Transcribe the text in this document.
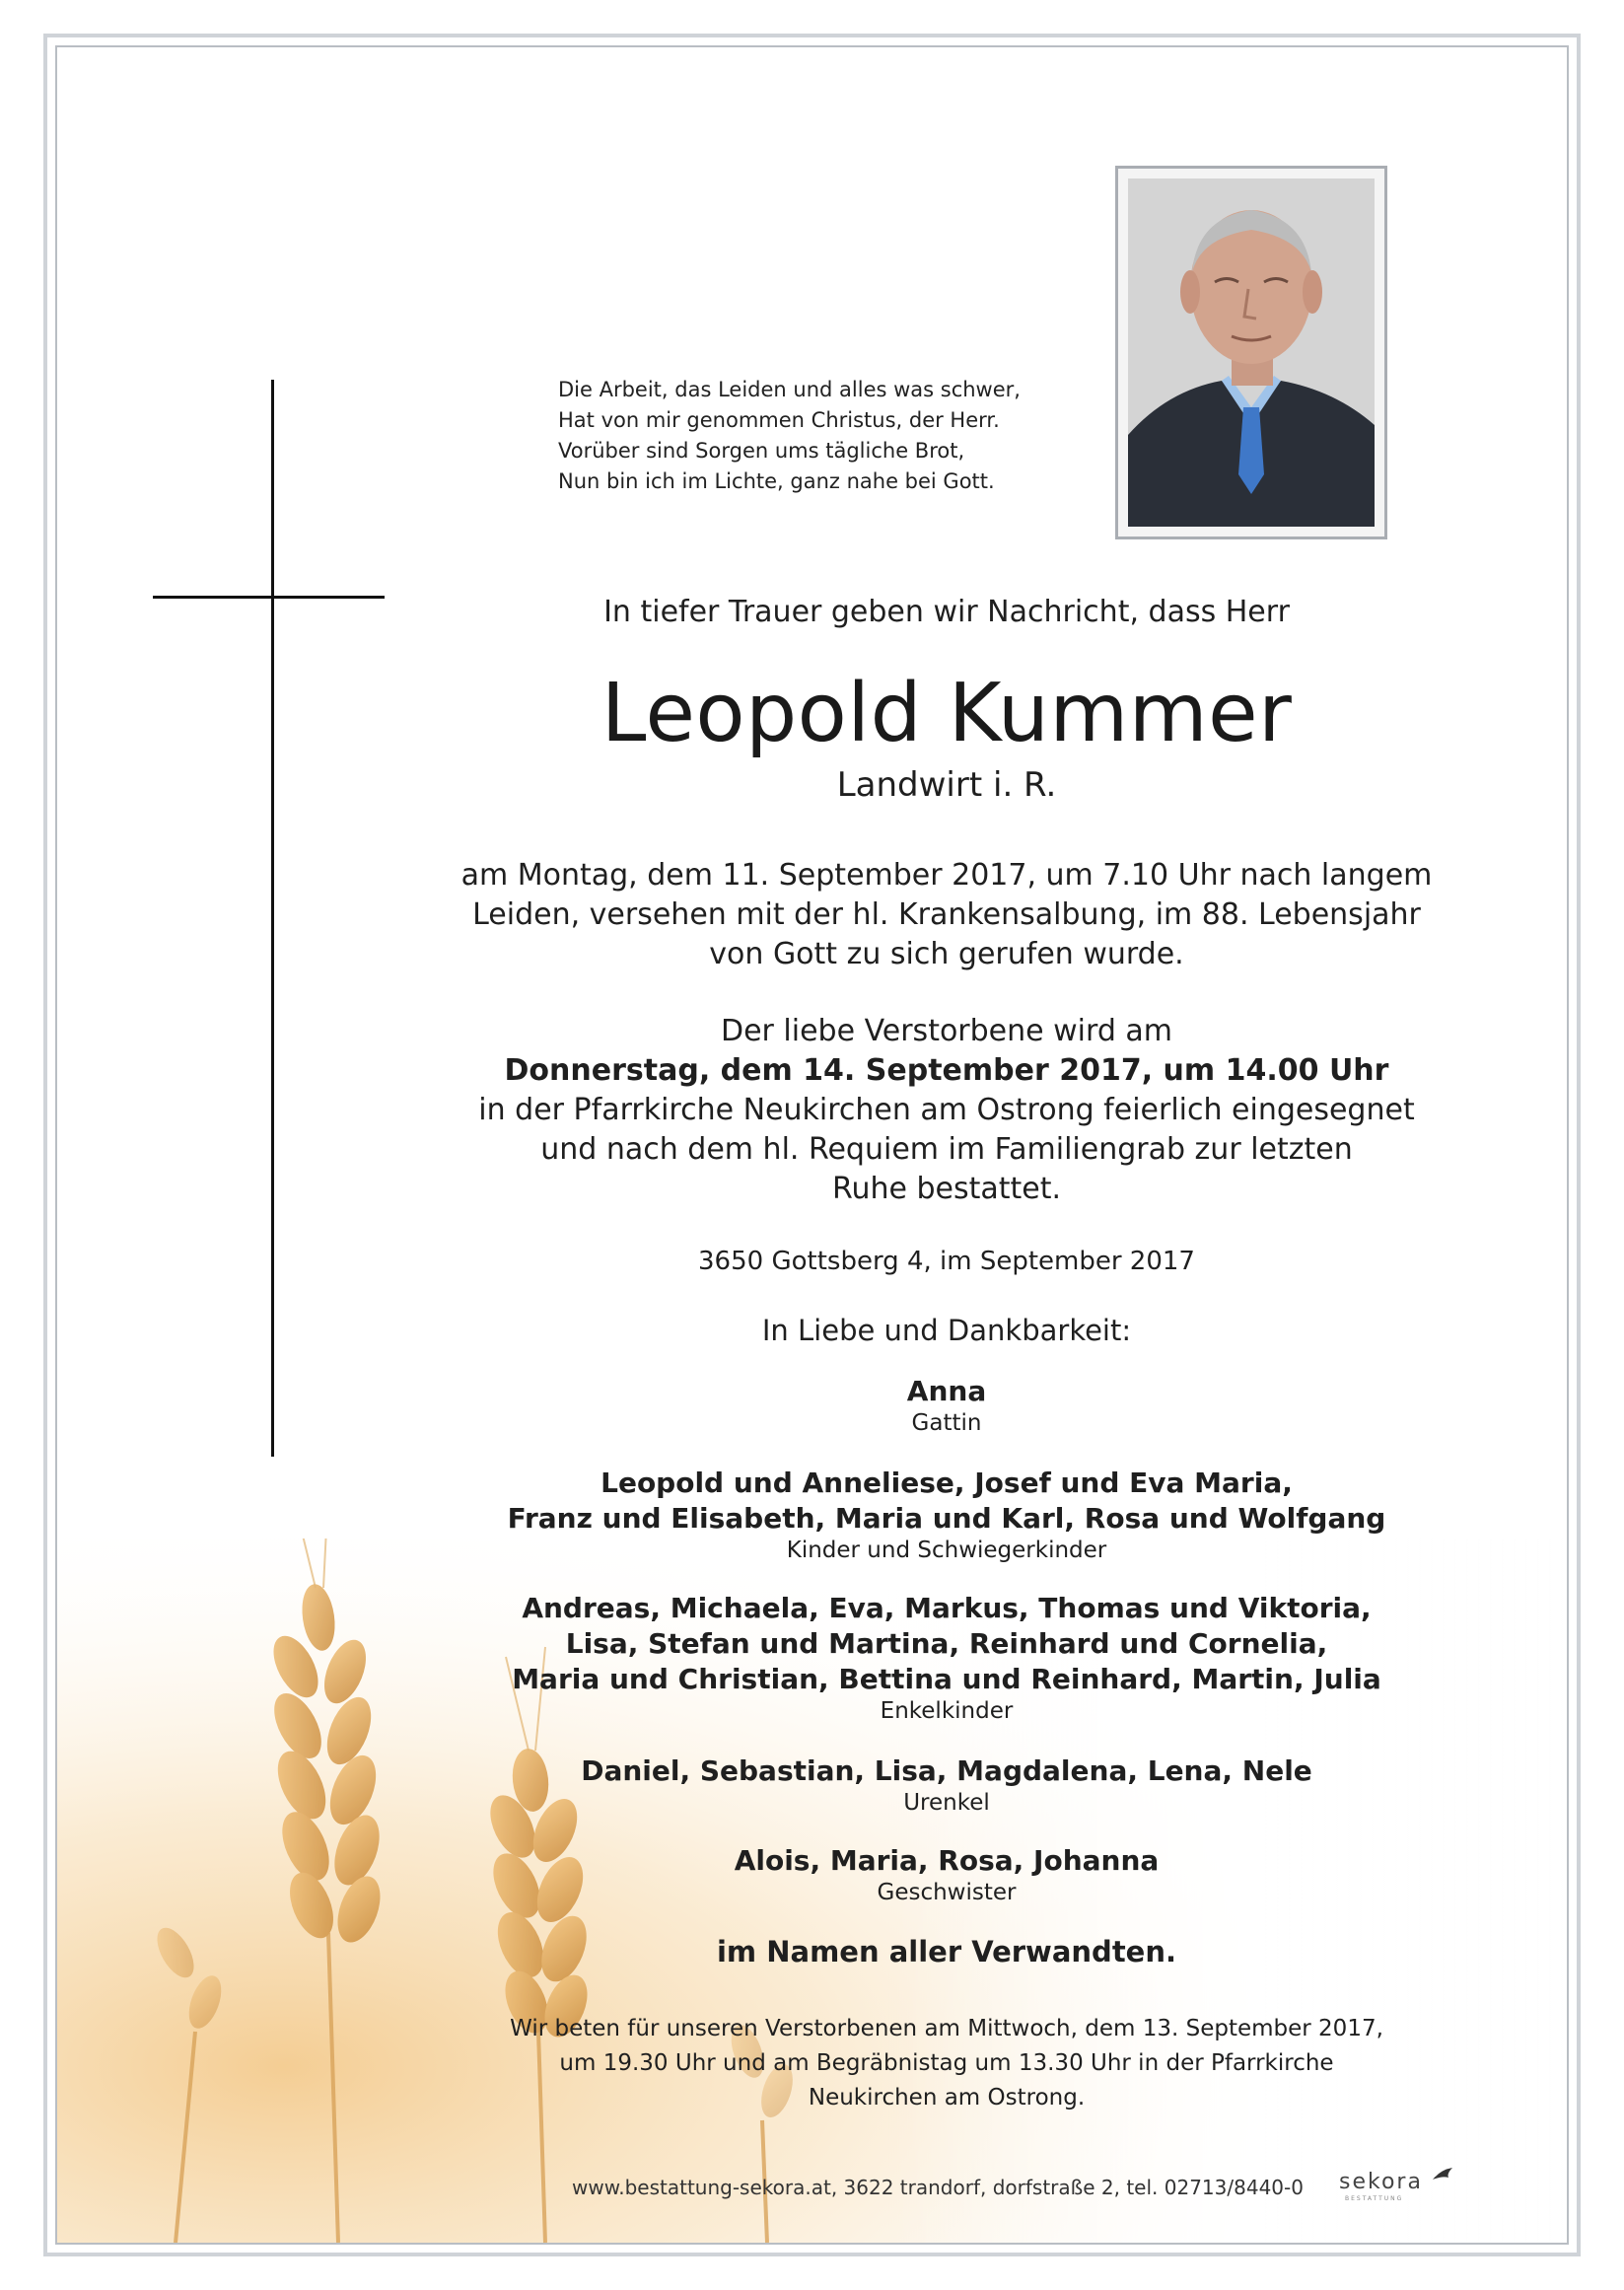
Die Arbeit, das Leiden und alles was schwer,
Hat von mir genommen Christus, der Herr.
Vorüber sind Sorgen ums tägliche Brot,
Nun bin ich im Lichte, ganz nahe bei Gott.
In tiefer Trauer geben wir Nachricht, dass Herr
Leopold Kummer
Landwirt i. R.
am Montag, dem 11. September 2017, um 7.10 Uhr nach langem
Leiden, versehen mit der hl. Krankensalbung, im 88. Lebensjahr
von Gott zu sich gerufen wurde.
Der liebe Verstorbene wird am
Donnerstag, dem 14. September 2017, um 14.00 Uhr
in der Pfarrkirche Neukirchen am Ostrong feierlich eingesegnet
und nach dem hl. Requiem im Familiengrab zur letzten
Ruhe bestattet.
3650 Gottsberg 4, im September 2017
In Liebe und Dankbarkeit:
Anna
Gattin
Leopold und Anneliese, Josef und Eva Maria,
Franz und Elisabeth, Maria und Karl, Rosa und Wolfgang
Kinder und Schwiegerkinder
Andreas, Michaela, Eva, Markus, Thomas und Viktoria,
Lisa, Stefan und Martina, Reinhard und Cornelia,
Maria und Christian, Bettina und Reinhard, Martin, Julia
Enkelkinder
Daniel, Sebastian, Lisa, Magdalena, Lena, Nele
Urenkel
Alois, Maria, Rosa, Johanna
Geschwister
im Namen aller Verwandten.
Wir beten für unseren Verstorbenen am Mittwoch, dem 13. September 2017,
um 19.30 Uhr und am Begräbnistag um 13.30 Uhr in der Pfarrkirche
Neukirchen am Ostrong.
www.bestattung-sekora.at, 3622 trandorf, dorfstraße 2, tel. 02713/8440-0 sekora
BESTATTUNG
